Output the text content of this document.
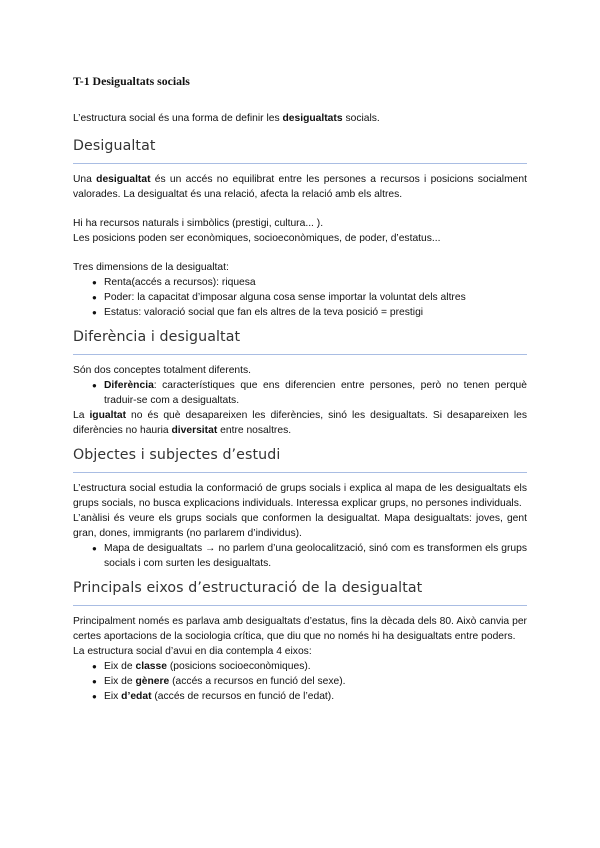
T-1 Desigualtats socials

L’estructura social és una forma de definir les desigualtats socials.

Desigualtat

Una desigualtat és un accés no equilibrat entre les persones a recursos i posicions socialment valorades. La desigualtat és una relació, afecta la relació amb els altres.

Hi ha recursos naturals i simbòlics (prestigi, cultura... ).

Les posicions poden ser econòmiques, socioeconòmiques, de poder, d’estatus...

Tres dimensions de la desigualtat:

● Renta(accés a recursos): riquesa
● Poder: la capacitat d’imposar alguna cosa sense importar la voluntat dels altres
● Estatus: valoració social que fan els altres de la teva posició = prestigi
Diferència i desigualtat

Són dos conceptes totalment diferents.

● Diferència: característiques que ens diferencien entre persones, però no tenen perquè traduir-se com a desigualtats.

La igualtat no és què desapareixen les diferències, sinó les desigualtats. Si desapareixen les diferències no hauria diversitat entre nosaltres.

Objectes i subjectes d’estudi

L’estructura social estudia la conformació de grups socials i explica al mapa de les desigualtats els grups socials, no busca explicacions individuals. Interessa explicar grups, no persones individuals.

L’anàlisi és veure els grups socials que conformen la desigualtat. Mapa desigualtats: joves, gent gran, dones, immigrants (no parlarem d’individus).

● Mapa de desigualtats → no parlem d’una geolocalització, sinó com es transformen els grups socials i com surten les desigualtats.
Principals eixos d’estructuració de la desigualtat

Principalment només es parlava amb desigualtats d’estatus, fins la dècada dels 80. Això canvia per certes aportacions de la sociologia crítica, que diu que no només hi ha desigualtats entre poders.

La estructura social d’avui en dia contempla 4 eixos:

● Eix de classe (posicions socioeconòmiques).
● Eix de gènere (accés a recursos en funció del sexe).
● Eix d’edat (accés de recursos en funció de l’edat).
